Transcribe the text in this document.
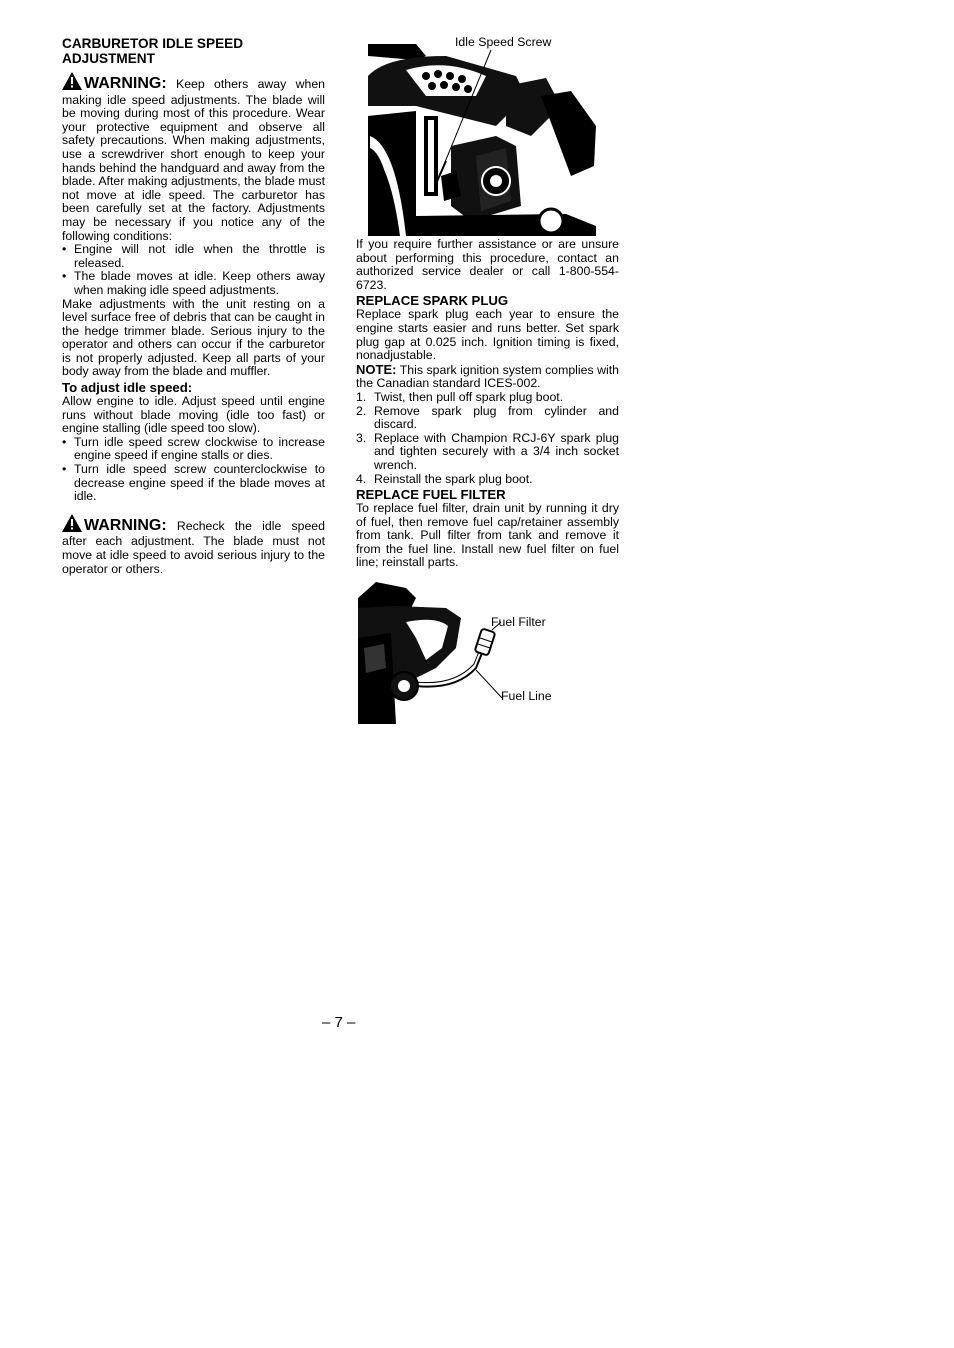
CARBURETOR IDLE SPEED ADJUSTMENT

WARNING: Keep others away when making idle speed adjustments. The blade will be moving during most of this procedure. Wear your protective equipment and observe all safety precautions. When making adjustments, use a screwdriver short enough to keep your hands behind the handguard and away from the blade. After making adjustments, the blade must not move at idle speed. The carburetor has been carefully set at the factory. Adjustments may be necessary if you notice any of the following conditions:

• Engine will not idle when the throttle is released.
• The blade moves at idle. Keep others away when making idle speed adjustments.

Make adjustments with the unit resting on a level surface free of debris that can be caught in the hedge trimmer blade. Serious injury to the operator and others can occur if the carburetor is not properly adjusted. Keep all parts of your body away from the blade and muffler.

To adjust idle speed:

Allow engine to idle. Adjust speed until engine runs without blade moving (idle too fast) or engine stalling (idle speed too slow).

• Turn idle speed screw clockwise to increase engine speed if engine stalls or dies.
• Turn idle speed screw counterclockwise to decrease engine speed if the blade moves at idle.

WARNING: Recheck the idle speed after each adjustment. The blade must not move at idle speed to avoid serious injury to the operator or others.

Idle Speed Screw

If you require further assistance or are unsure about performing this procedure, contact an authorized service dealer or call 1-800-554-6723.

REPLACE SPARK PLUG

Replace spark plug each year to ensure the engine starts easier and runs better. Set spark plug gap at 0.025 inch. Ignition timing is fixed, nonadjustable.

NOTE: This spark ignition system complies with the Canadian standard ICES-002.

1. Twist, then pull off spark plug boot.
2. Remove spark plug from cylinder and discard.
3. Replace with Champion RCJ-6Y spark plug and tighten securely with a 3/4 inch socket wrench.
4. Reinstall the spark plug boot.
REPLACE FUEL FILTER

To replace fuel filter, drain unit by running it dry of fuel, then remove fuel cap/retainer assembly from tank. Pull filter from tank and remove it from the fuel line. Install new fuel filter on fuel line; reinstall parts.

Fuel Filter
Fuel Line
– 7 –
